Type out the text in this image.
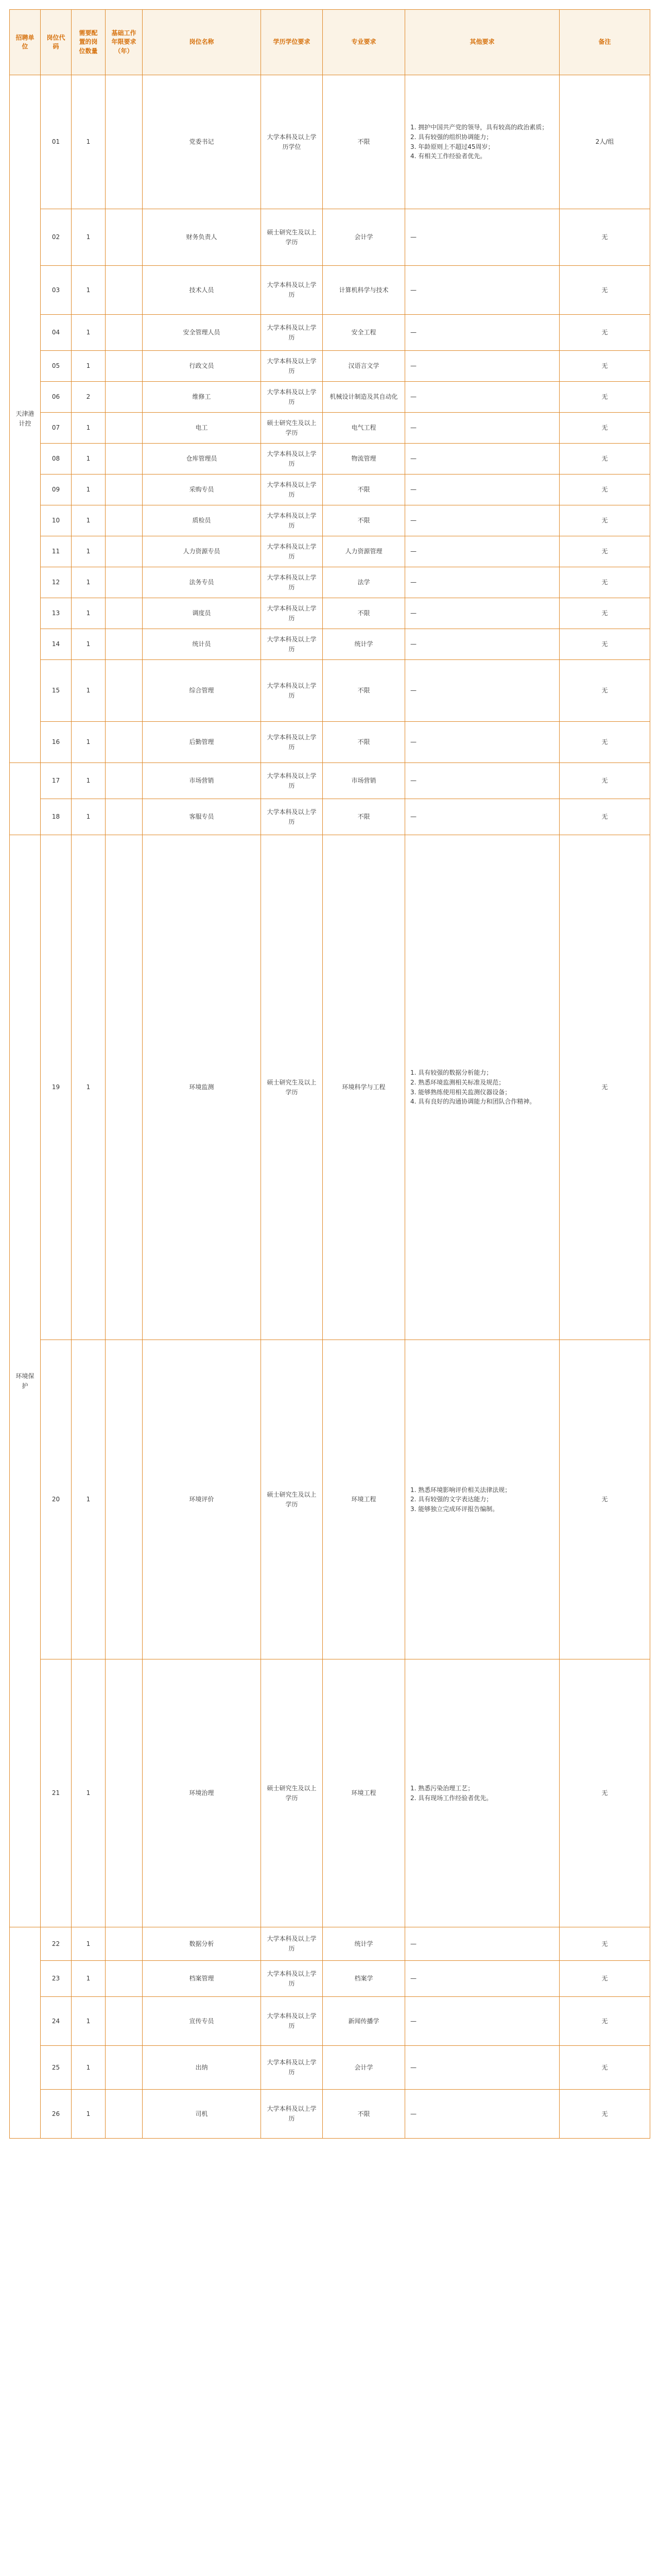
招聘单位	岗位代码	需要配置的岗位数量	基础工作年限要求（年）	岗位名称	学历学位要求	专业要求	其他要求	备注
天津港计控	01	1		党委书记	大学本科及以上学历学位	不限	1. 拥护中国共产党的领导，具有较高的政治素质；
2. 具有较强的组织协调能力；
3. 年龄原则上不超过45周岁；
4. 有相关工作经验者优先。	2人/组
	02	1		财务负责人	硕士研究生及以上学历	会计学	—	无
	03	1		技术人员	大学本科及以上学历	计算机科学与技术	—	无
	04	1		安全管理人员	大学本科及以上学历	安全工程	—	无
	05	1		行政文员	大学本科及以上学历	汉语言文学	—	无
	06	2		维修工	大学本科及以上学历	机械设计制造及其自动化	—	无
	07	1		电工	硕士研究生及以上学历	电气工程	—	无
	08	1		仓库管理员	大学本科及以上学历	物流管理	—	无
	09	1		采购专员	大学本科及以上学历	不限	—	无
	10	1		质检员	大学本科及以上学历	不限	—	无
	11	1		人力资源专员	大学本科及以上学历	人力资源管理	—	无
	12	1		法务专员	大学本科及以上学历	法学	—	无
	13	1		调度员	大学本科及以上学历	不限	—	无
	14	1		统计员	大学本科及以上学历	统计学	—	无
	15	1		综合管理	大学本科及以上学历	不限	—	无
	16	1		后勤管理	大学本科及以上学历	不限	—	无
	17	1		市场营销	大学本科及以上学历	市场营销	—	无
	18	1		客服专员	大学本科及以上学历	不限	—	无
环境保护	19	1		环境监测	硕士研究生及以上学历	环境科学与工程	1. 具有较强的数据分析能力；
2. 熟悉环境监测相关标准及规范；
3. 能够熟练使用相关监测仪器设备；
4. 具有良好的沟通协调能力和团队合作精神。	无
	20	1		环境评价	硕士研究生及以上学历	环境工程	1. 熟悉环境影响评价相关法律法规；
2. 具有较强的文字表达能力；
3. 能够独立完成环评报告编制。	无
	21	1		环境治理	硕士研究生及以上学历	环境工程	1. 熟悉污染治理工艺；
2. 具有现场工作经验者优先。	无
	22	1		数据分析	大学本科及以上学历	统计学	—	无
	23	1		档案管理	大学本科及以上学历	档案学	—	无
	24	1		宣传专员	大学本科及以上学历	新闻传播学	—	无
	25	1		出纳	大学本科及以上学历	会计学	—	无
	26	1		司机	大学本科及以上学历	不限	—	无
